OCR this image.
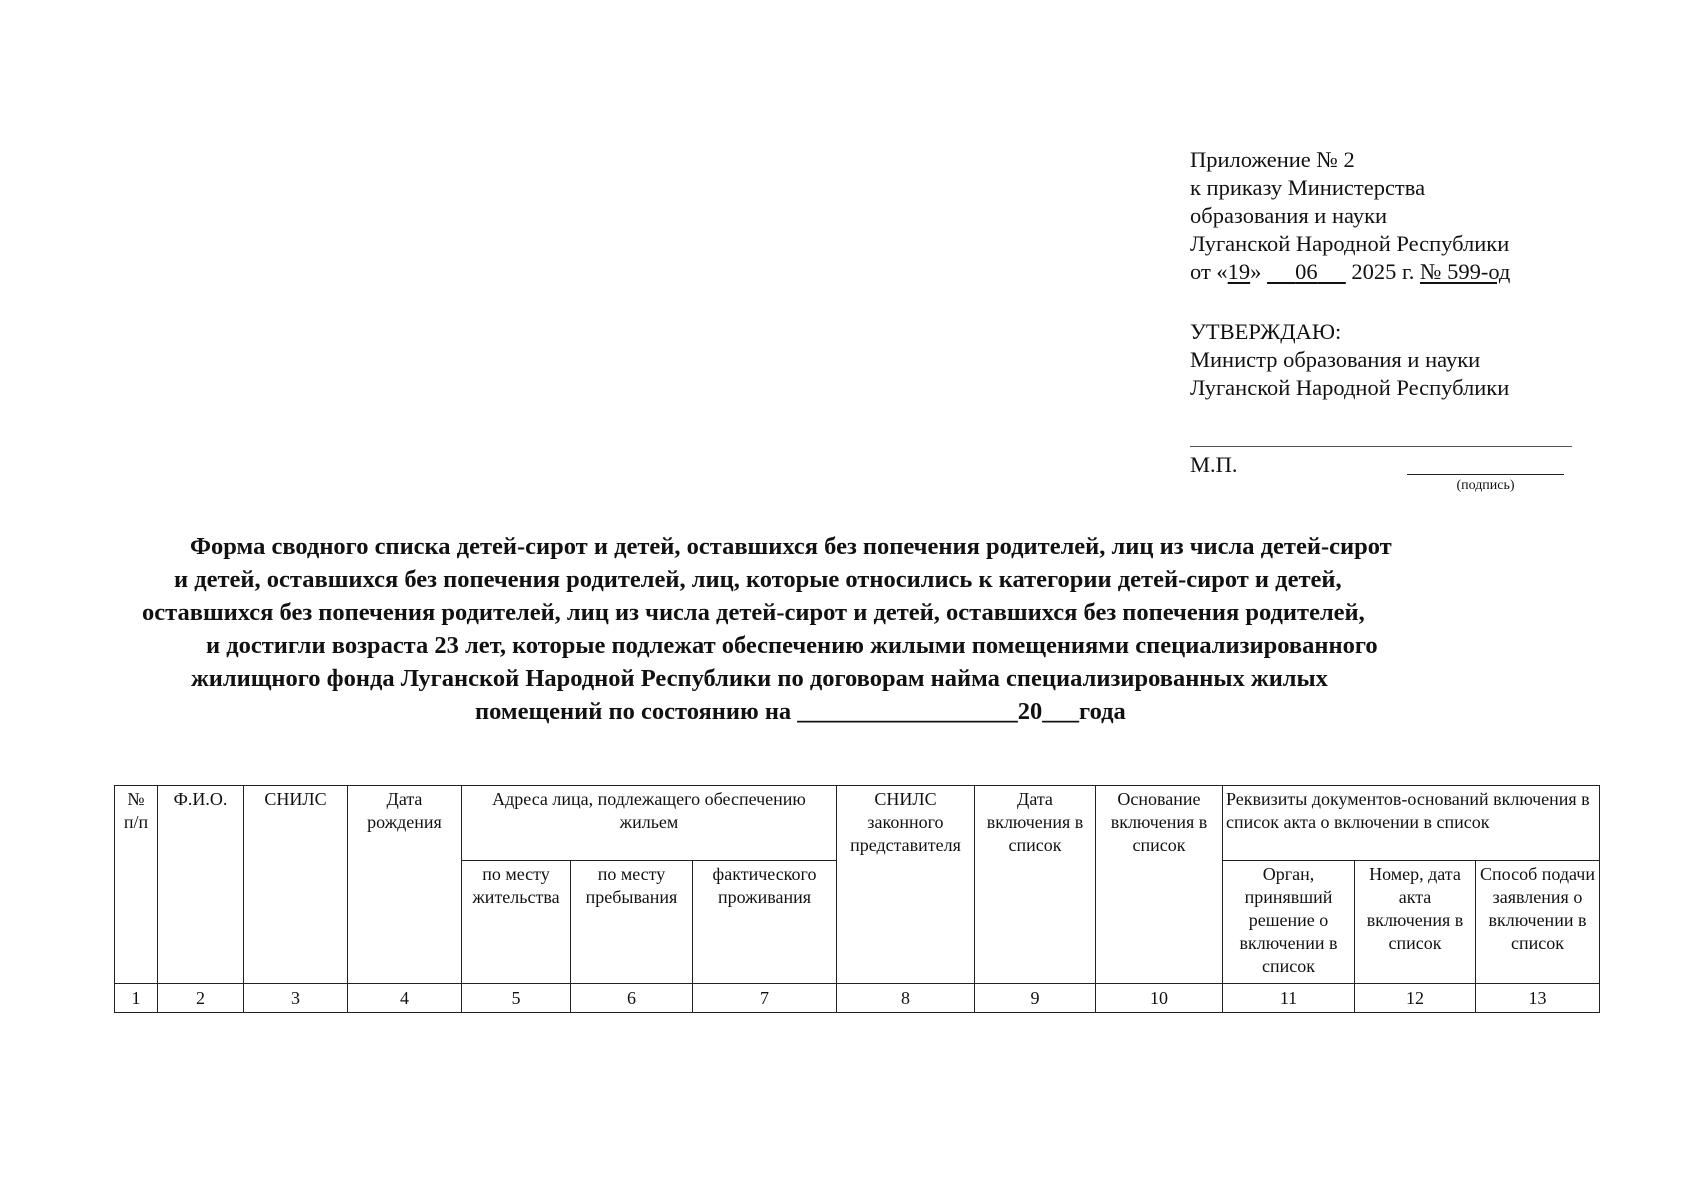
Приложение № 2
к приказу Министерства
образования и науки
Луганской Народной Республики
от «19» 06 2025 г. № 599-од
УТВЕРЖДАЮ:
Министр образования и науки
Луганской Народной Республики
М.П.
(подпись)
Форма сводного списка детей-сирот и детей, оставшихся без попечения родителей, лиц из числа детей-сирот
и детей, оставшихся без попечения родителей, лиц, которые относились к категории детей-сирот и детей,
оставшихся без попечения родителей, лиц из числа детей-сирот и детей, оставшихся без попечения родителей,
и достигли возраста 23 лет, которые подлежат обеспечению жилыми помещениями специализированного
жилищного фонда Луганской Народной Республики по договорам найма специализированных жилых
помещений по состоянию на __________________20___года
№ п/п	Ф.И.О.	СНИЛС	Дата рождения	Адреса лица, подлежащего обеспечению жильем			СНИЛС законного представителя	Дата включения в список	Основание включения в список	Реквизиты документов-оснований включения в список акта о включении в список		
				по месту жительства	по месту пребывания	фактического проживания				Орган, принявший решение о включении в список	Номер, дата акта включения в список	Способ подачи заявления о включении в список
1	2	3	4	5	6	7	8	9	10	11	12	13
